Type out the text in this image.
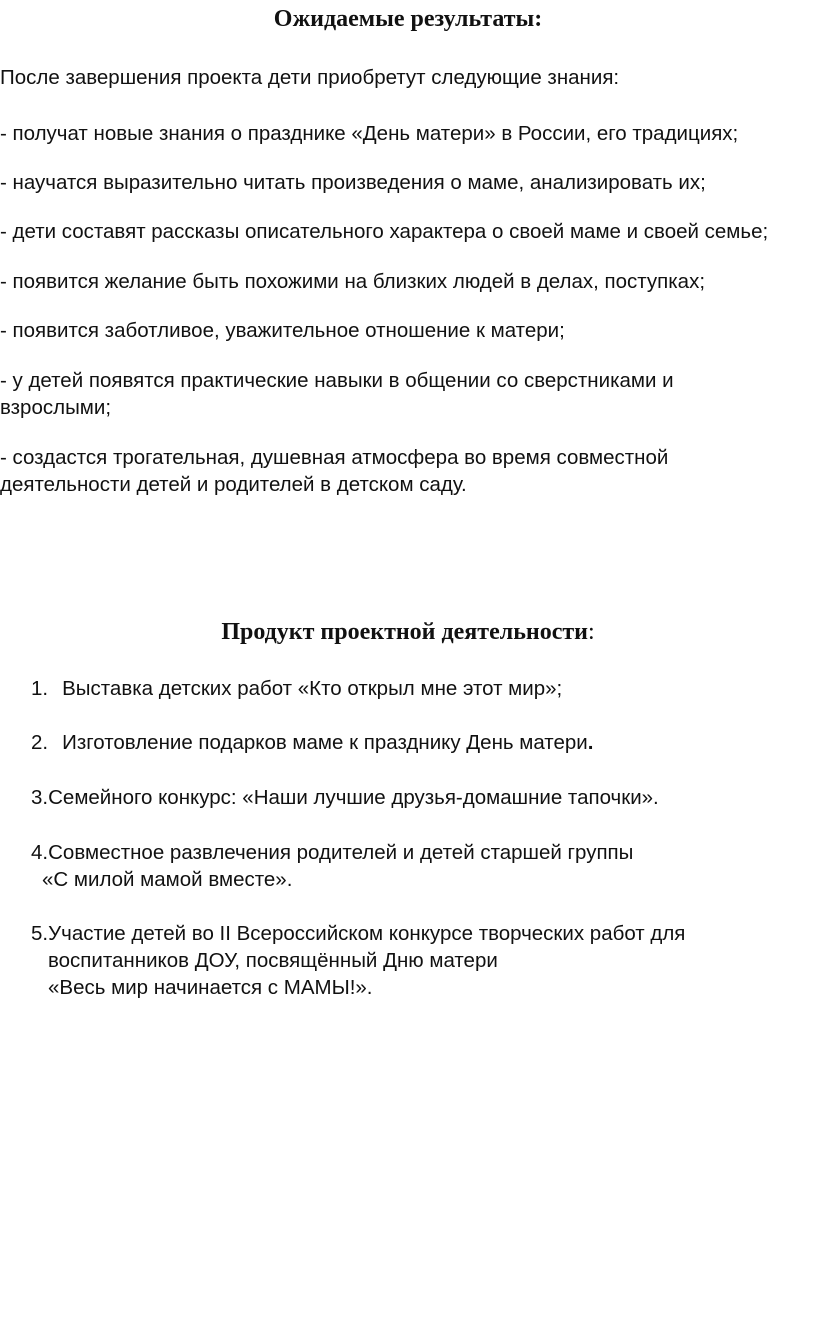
Ожидаемые результаты:

После завершения проекта дети приобретут следующие знания:

- получат новые знания о празднике «День матери» в России, его традициях;

- научатся выразительно читать произведения о маме, анализировать их;

- дети составят рассказы описательного характера о своей маме и своей семье;

- появится желание быть похожими на близких людей в делах, поступках;

- появится заботливое, уважительное отношение к матери;

- у детей появятся практические навыки в общении со сверстниками и
взрослыми;

- создастся трогательная, душевная атмосфера во время совместной
деятельности детей и родителей в детском саду.

Продукт проектной деятельности:
1. Выставка детских работ «Кто открыл мне этот мир»;
2. Изготовление подарков маме к празднику День матери.
3.Семейного конкурс: «Наши лучшие друзья-домашние тапочки».
4.Совместное развлечения родителей и детей старшей группы
«С милой мамой вместе».
5.Участие детей во II Всероссийском конкурсе творческих работ для
воспитанников ДОУ, посвящённый Дню матери
«Весь мир начинается с МАМЫ!».
